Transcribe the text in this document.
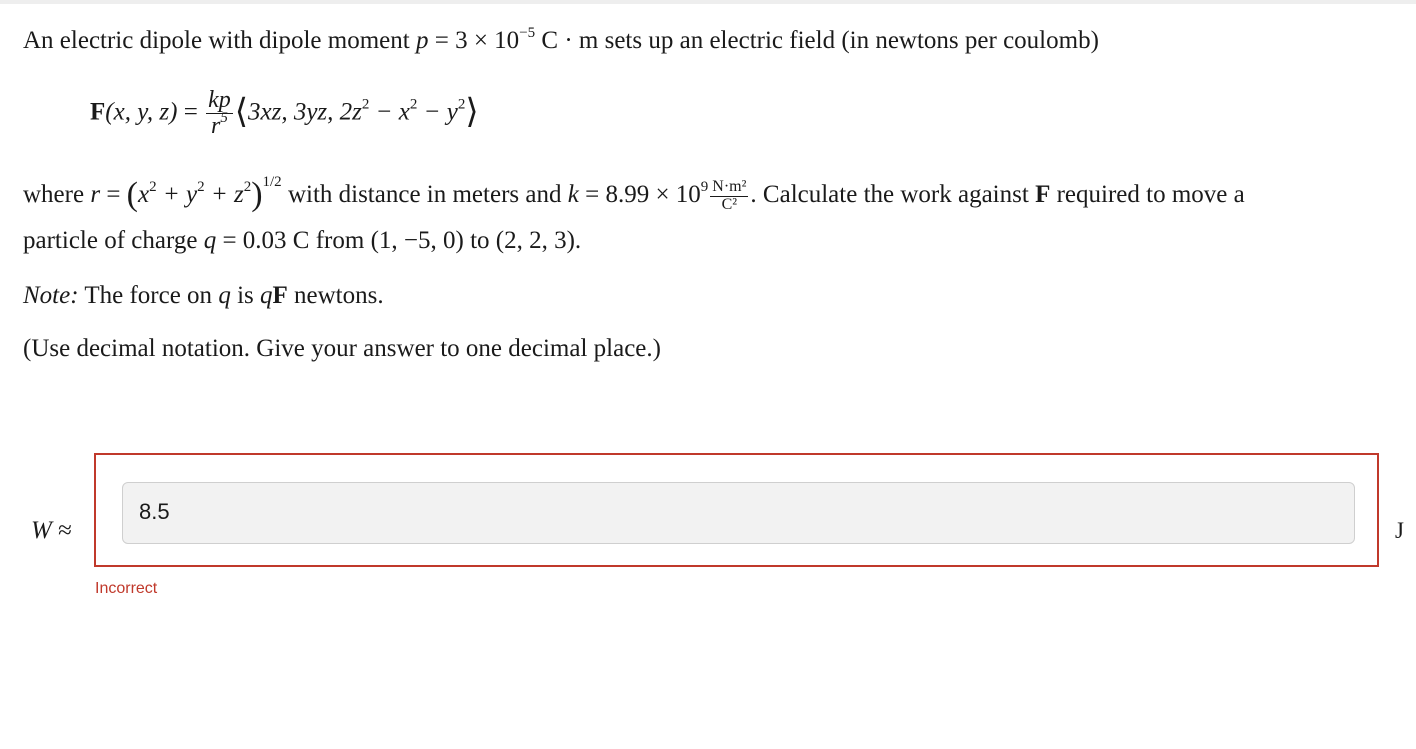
An electric dipole with dipole moment $p = 3 \times 10^{-5}$ C · m sets up an electric field (in newtons per coulomb)
F(x, y, $z) = \frac{kp}{r^5}$ ⟨3xz, 3yz, $2z^2 - x^2$ − $y^2⟩$
where $r = (x^2 + y^2 + z^2)^{1/2}$ with distance in meters and $k = 8.99 \times 10^9 \frac{\text{N·m²}}{\text{C²}}$ . Calculate the work against F required to move a
particle of charge q = 0.03 C from (1, −5, 0) to (2, 2, 3).
Note: The force on q is qF newtons.
(Use decimal notation. Give your answer to one decimal place.)
W ≈
8.5
J
Incorrect
